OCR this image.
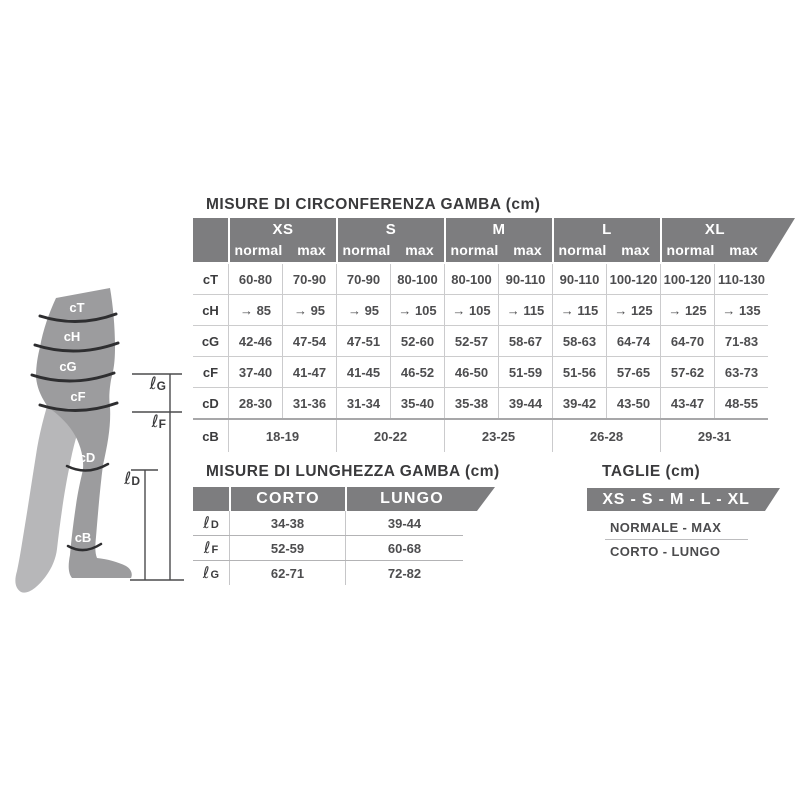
cT
cH
cG
cF
cD
cB
ℓG
ℓF
ℓD
MISURE DI CIRCONFERENZA GAMBA (cm)
XS
normal	max
S
normal	max
M
normal	max
L
normal	max
XL
normal	max
cT	60-80	70-90	70-90	80-100	80-100	90-110	90-110 100-120 100-120 110-130
cH	→ 85	→ 95	→ 95	→ 105	→ 105	→ 115	→ 115	→ 125	→ 125	→ 135
cG	42-46	47-54	47-51	52-60	52-57	58-67	58-63	64-74	64-70	71-83
cF	37-40	41-47	41-45	46-52	46-50	51-59	51-56	57-65	57-62	63-73
cD	28-30	31-36	31-34	35-40	35-38	39-44	39-42	43-50	43-47	48-55
cB	18-19	20-22	23-25	26-28	29-31
MISURE DI LUNGHEZZA GAMBA (cm)
CORTO	LUNGO
ℓ D	34-38	39-44
ℓ F	52-59	60-68
ℓ G	62-71	72-82
TAGLIE (cm)
XS - S - M - L - XL
NORMALE - MAX
CORTO - LUNGO
